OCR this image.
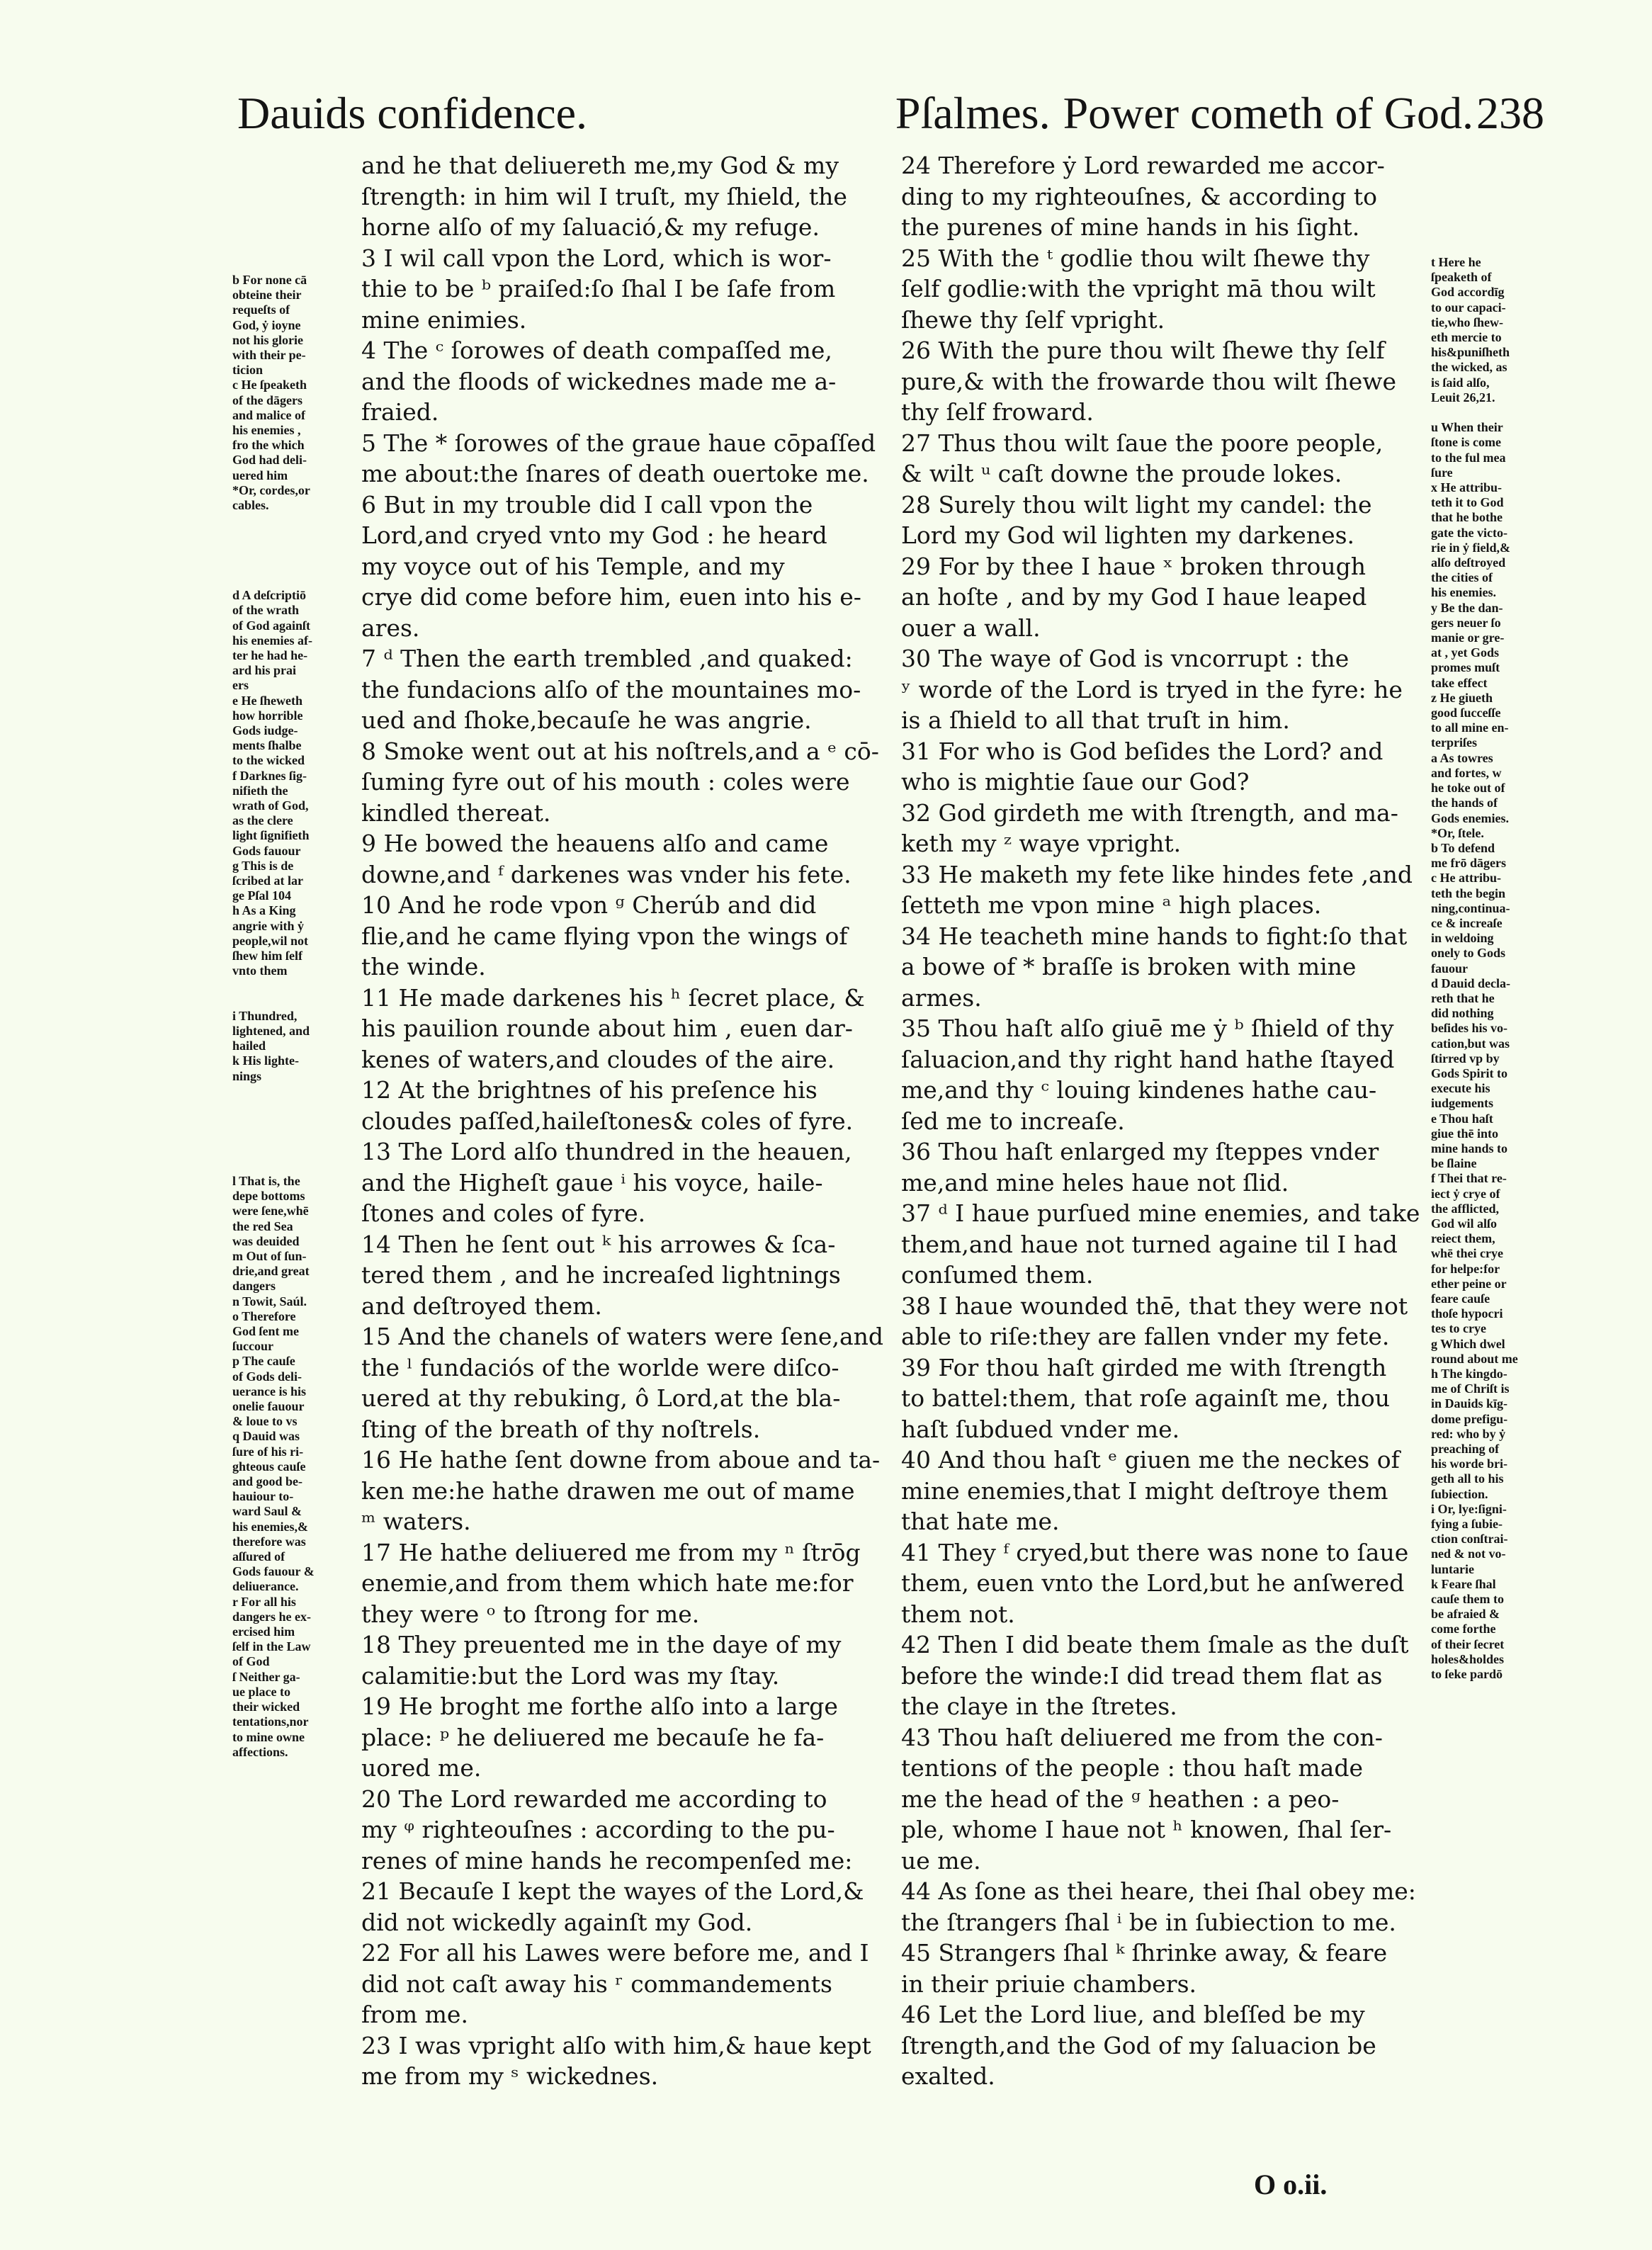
Dauids confidence.	Pſalmes. Power cometh of God.238
b For none cā
obteine their
requeſts of
God, ẏ ioyne
not his glorie
with their pe-
ticion
c He ſpeaketh
of the dāgers
and malice of
his enemies ,
fro the which
God had deli-
uered him
*Or, cordes,or
cables.
d A deſcriptiō
of the wrath
of God againſt
his enemies af-
ter he had he-
ard his prai
ers
e He ſheweth
how horrible
Gods iudge-
ments ſhalbe
to the wicked
f Darknes ſig-
nifieth the
wrath of God,
as the clere
light ſignifieth
Gods fauour
g This is de
ſcribed at lar
ge Pſal 104
h As a King
angrie with ẏ
people,wil not
ſhew him ſelf
vnto them
i Thundred,
lightened, and
hailed
k His lighte-
nings
l That is, the
depe bottoms
were ſene,whē
the red Sea
was deuided
m Out of ſun-
drie,and great
dangers
n Towit, Saúl.
o Therefore
God ſent me
ſuccour
p The cauſe
of Gods deli-
uerance is his
onelie fauour
& loue to vs
q Dauid was
ſure of his ri-
ghteous cauſe
and good be-
hauiour to-
ward Saul &
his enemies,&
therefore was
aſſured of
Gods fauour &
deliuerance.
r For all his
dangers he ex-
ercised him
ſelf in the Law
of God
ſ Neither ga-
ue place to
their wicked
tentations,nor
to mine owne
affections.
and he that deliuereth me,my God & my
ſtrength: in him wil I truſt, my ſhield, the
horne alſo of my ſaluació,& my refuge.
3 I wil call vpon the Lord, which is wor-
thie to be ᵇ praiſed:ſo ſhal I be ſafe from
mine enimies.
4 The ᶜ ſorowes of death compaſſed me,
and the floods of wickednes made me a-
fraied.
5 The * ſorowes of the graue haue cōpaſſed
me about:the ſnares of death ouertoke me.
6 But in my trouble did I call vpon the
Lord,and cryed vnto my God : he heard
my voyce out of his Temple, and my
crye did come before him, euen into his e-
ares.
7 ᵈ Then the earth trembled ,and quaked:
the fundacions alſo of the mountaines mo-
ued and ſhoke,becauſe he was angrie.
8 Smoke went out at his noſtrels,and a ᵉ cō-
ſuming fyre out of his mouth : coles were
kindled thereat.
9 He bowed the heauens alſo and came
downe,and ᶠ darkenes was vnder his fete.
10 And he rode vpon ᵍ Cherúb and did
flie,and he came flying vpon the wings of
the winde.
11 He made darkenes his ʰ ſecret place, &
his pauilion rounde about him , euen dar-
kenes of waters,and cloudes of the aire.
12 At the brightnes of his preſence his
cloudes paſſed,haileſtones& coles of fyre.
13 The Lord alſo thundred in the heauen,
and the Higheſt gaue ⁱ his voyce, haile-
ſtones and coles of fyre.
14 Then he ſent out ᵏ his arrowes & ſca-
tered them , and he increaſed lightnings
and deſtroyed them.
15 And the chanels of waters were ſene,and
the ˡ fundaciós of the worlde were diſco-
uered at thy rebuking, ô Lord,at the bla-
ſting of the breath of thy noſtrels.
16 He hathe ſent downe from aboue and ta-
ken me:he hathe drawen me out of mame
ᵐ waters.
17 He hathe deliuered me from my ⁿ ſtrōg
enemie,and from them which hate me:for
they were ᵒ to ſtrong for me.
18 They preuented me in the daye of my
calamitie:but the Lord was my ſtay.
19 He broght me forthe alſo into a large
place: ᵖ he deliuered me becauſe he fa-
uored me.
20 The Lord rewarded me according to
my ᵠ righteouſnes : according to the pu-
renes of mine hands he recompenſed me:
21 Becauſe I kept the wayes of the Lord,&
did not wickedly againſt my God.
22 For all his Lawes were before me, and I
did not caſt away his ʳ commandements
from me.
23 I was vpright alſo with him,& haue kept
me from my ˢ wickednes.
24 Therefore ẏ Lord rewarded me accor-
ding to my righteouſnes, & according to
the purenes of mine hands in his ſight.
25 With the ᵗ godlie thou wilt ſhewe thy
ſelf godlie:with the vpright mā thou wilt
ſhewe thy ſelf vpright.
26 With the pure thou wilt ſhewe thy ſelf
pure,& with the frowarde thou wilt ſhewe
thy ſelf froward.
27 Thus thou wilt ſaue the poore people,
& wilt ᵘ caſt downe the proude lokes.
28 Surely thou wilt light my candel: the
Lord my God wil lighten my darkenes.
29 For by thee I haue ˣ broken through
an hoſte , and by my God I haue leaped
ouer a wall.
30 The waye of God is vncorrupt : the
ʸ worde of the Lord is tryed in the fyre: he
is a ſhield to all that truſt in him.
31 For who is God beſides the Lord? and
who is mightie ſaue our God?
32 God girdeth me with ſtrength, and ma-
keth my ᶻ waye vpright.
33 He maketh my fete like hindes fete ,and
ſetteth me vpon mine ᵃ high places.
34 He teacheth mine hands to fight:ſo that
a bowe of * braſſe is broken with mine
armes.
35 Thou haſt alſo giuē me ẏ ᵇ ſhield of thy
ſaluacion,and thy right hand hathe ſtayed
me,and thy ᶜ louing kindenes hathe cau-
ſed me to increaſe.
36 Thou haſt enlarged my ſteppes vnder
me,and mine heles haue not ſlid.
37 ᵈ I haue purſued mine enemies, and take
them,and haue not turned againe til I had
conſumed them.
38 I haue wounded thē, that they were not
able to riſe:they are fallen vnder my fete.
39 For thou haſt girded me with ſtrength
to battel:them, that roſe againſt me, thou
haſt ſubdued vnder me.
40 And thou haſt ᵉ giuen me the neckes of
mine enemies,that I might deſtroye them
that hate me.
41 They ᶠ cryed,but there was none to ſaue
them, euen vnto the Lord,but he anſwered
them not.
42 Then I did beate them ſmale as the duſt
before the winde:I did tread them flat as
the claye in the ſtretes.
43 Thou haſt deliuered me from the con-
tentions of the people : thou haſt made
me the head of the ᵍ heathen : a peo-
ple, whome I haue not ʰ knowen, ſhal ſer-
ue me.
44 As ſone as thei heare, thei ſhal obey me:
the ſtrangers ſhal ⁱ be in ſubiection to me.
45 Strangers ſhal ᵏ ſhrinke away, & feare
in their priuie chambers.
46 Let the Lord liue, and bleſſed be my
ſtrength,and the God of my ſaluacion be
exalted.
t Here he
ſpeaketh of
God accordīg
to our capaci-
tie,who ſhew-
eth mercie to
his&puniſheth
the wicked, as
is ſaid alſo,
Leuit 26,21.
u When their
ſtone is come
to the ful mea
ſure
x He attribu-
teth it to God
that he bothe
gate the victo-
rie in ẏ field,&
alſo deſtroyed
the cities of
his enemies.
y Be the dan-
gers neuer ſo
manie or gre-
at , yet Gods
promes muſt
take effect
z He giueth
good ſucceſſe
to all mine en-
terpriſes
a As towres
and fortes, w
he toke out of
the hands of
Gods enemies.
*Or, ſtele.
b To defend
me frō dāgers
c He attribu-
teth the begin
ning,continua-
ce & increaſe
in weldoing
onely to Gods
fauour
d Dauid decla-
reth that he
did nothing
beſides his vo-
cation,but was
ſtirred vp by
Gods Spirit to
execute his
iudgements
e Thou haſt
giue thē into
mine hands to
be ſlaine
f Thei that re-
iect ẏ crye of
the afflicted,
God wil alſo
reiect them,
whē thei crye
for helpe:for
ether peine or
feare cauſe
thoſe hypocri
tes to crye
g Which dwel
round about me
h The kingdo-
me of Chriſt is
in Dauids kīg-
dome prefigu-
red: who by ẏ
preaching of
his worde bri-
geth all to his
ſubiection.
i Or, lye:ſigni-
fying a ſubie-
ction conſtrai-
ned & not vo-
luntarie
k Feare ſhal
cauſe them to
be afraied &
come forthe
of their ſecret
holes&holdes
to ſeke pardō
O o.ii.
